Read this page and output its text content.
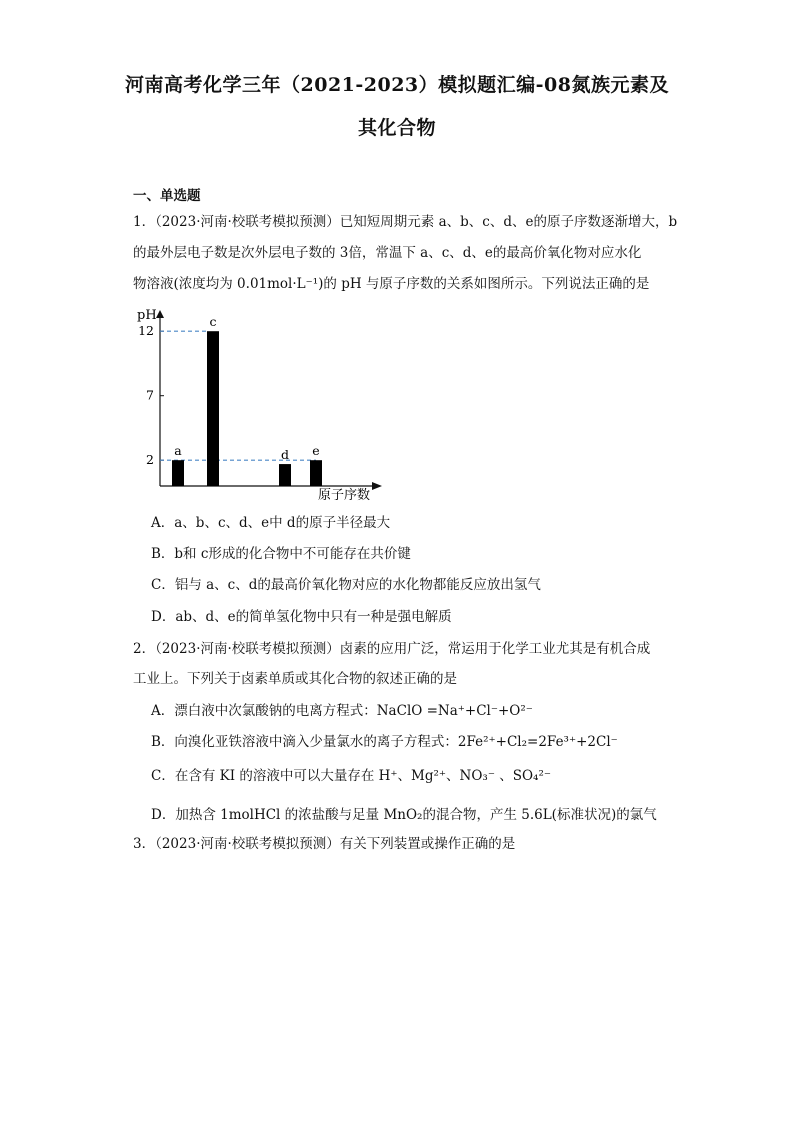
河南高考化学三年（2021-2023）模拟题汇编-08氮族元素及
其化合物
一、单选题
1．（2023·河南·校联考模拟预测）已知短周期元素 a、b、c、d、e的原子序数逐渐增大，b
的最外层电子数是次外层电子数的 3倍，常温下 a、c、d、e的最高价氧化物对应水化
物溶液(浓度均为 0.01mol·L⁻¹)的 pH 与原子序数的关系如图所示。下列说法正确的是
pH
原子序数
2
7
12
a
c
d e
A．a、b、c、d、e中 d的原子半径最大
B．b和 c形成的化合物中不可能存在共价键
C．铝与 a、c、d的最高价氧化物对应的水化物都能反应放出氢气
D．ab、d、e的简单氢化物中只有一种是强电解质
2．（2023·河南·校联考模拟预测）卤素的应用广泛，常运用于化学工业尤其是有机合成
工业上。下列关于卤素单质或其化合物的叙述正确的是
A．漂白液中次氯酸钠的电离方程式：NaClO =Na⁺+Cl⁻+O²⁻
B．向溴化亚铁溶液中滴入少量氯水的离子方程式：2Fe²⁺+Cl₂=2Fe³⁺+2Cl⁻
C．在含有 KI 的溶液中可以大量存在 H⁺、Mg²⁺、NO₃⁻ 、SO₄²⁻
D．加热含 1molHCl 的浓盐酸与足量 MnO₂的混合物，产生 5.6L(标准状况)的氯气
3．（2023·河南·校联考模拟预测）有关下列装置或操作正确的是
